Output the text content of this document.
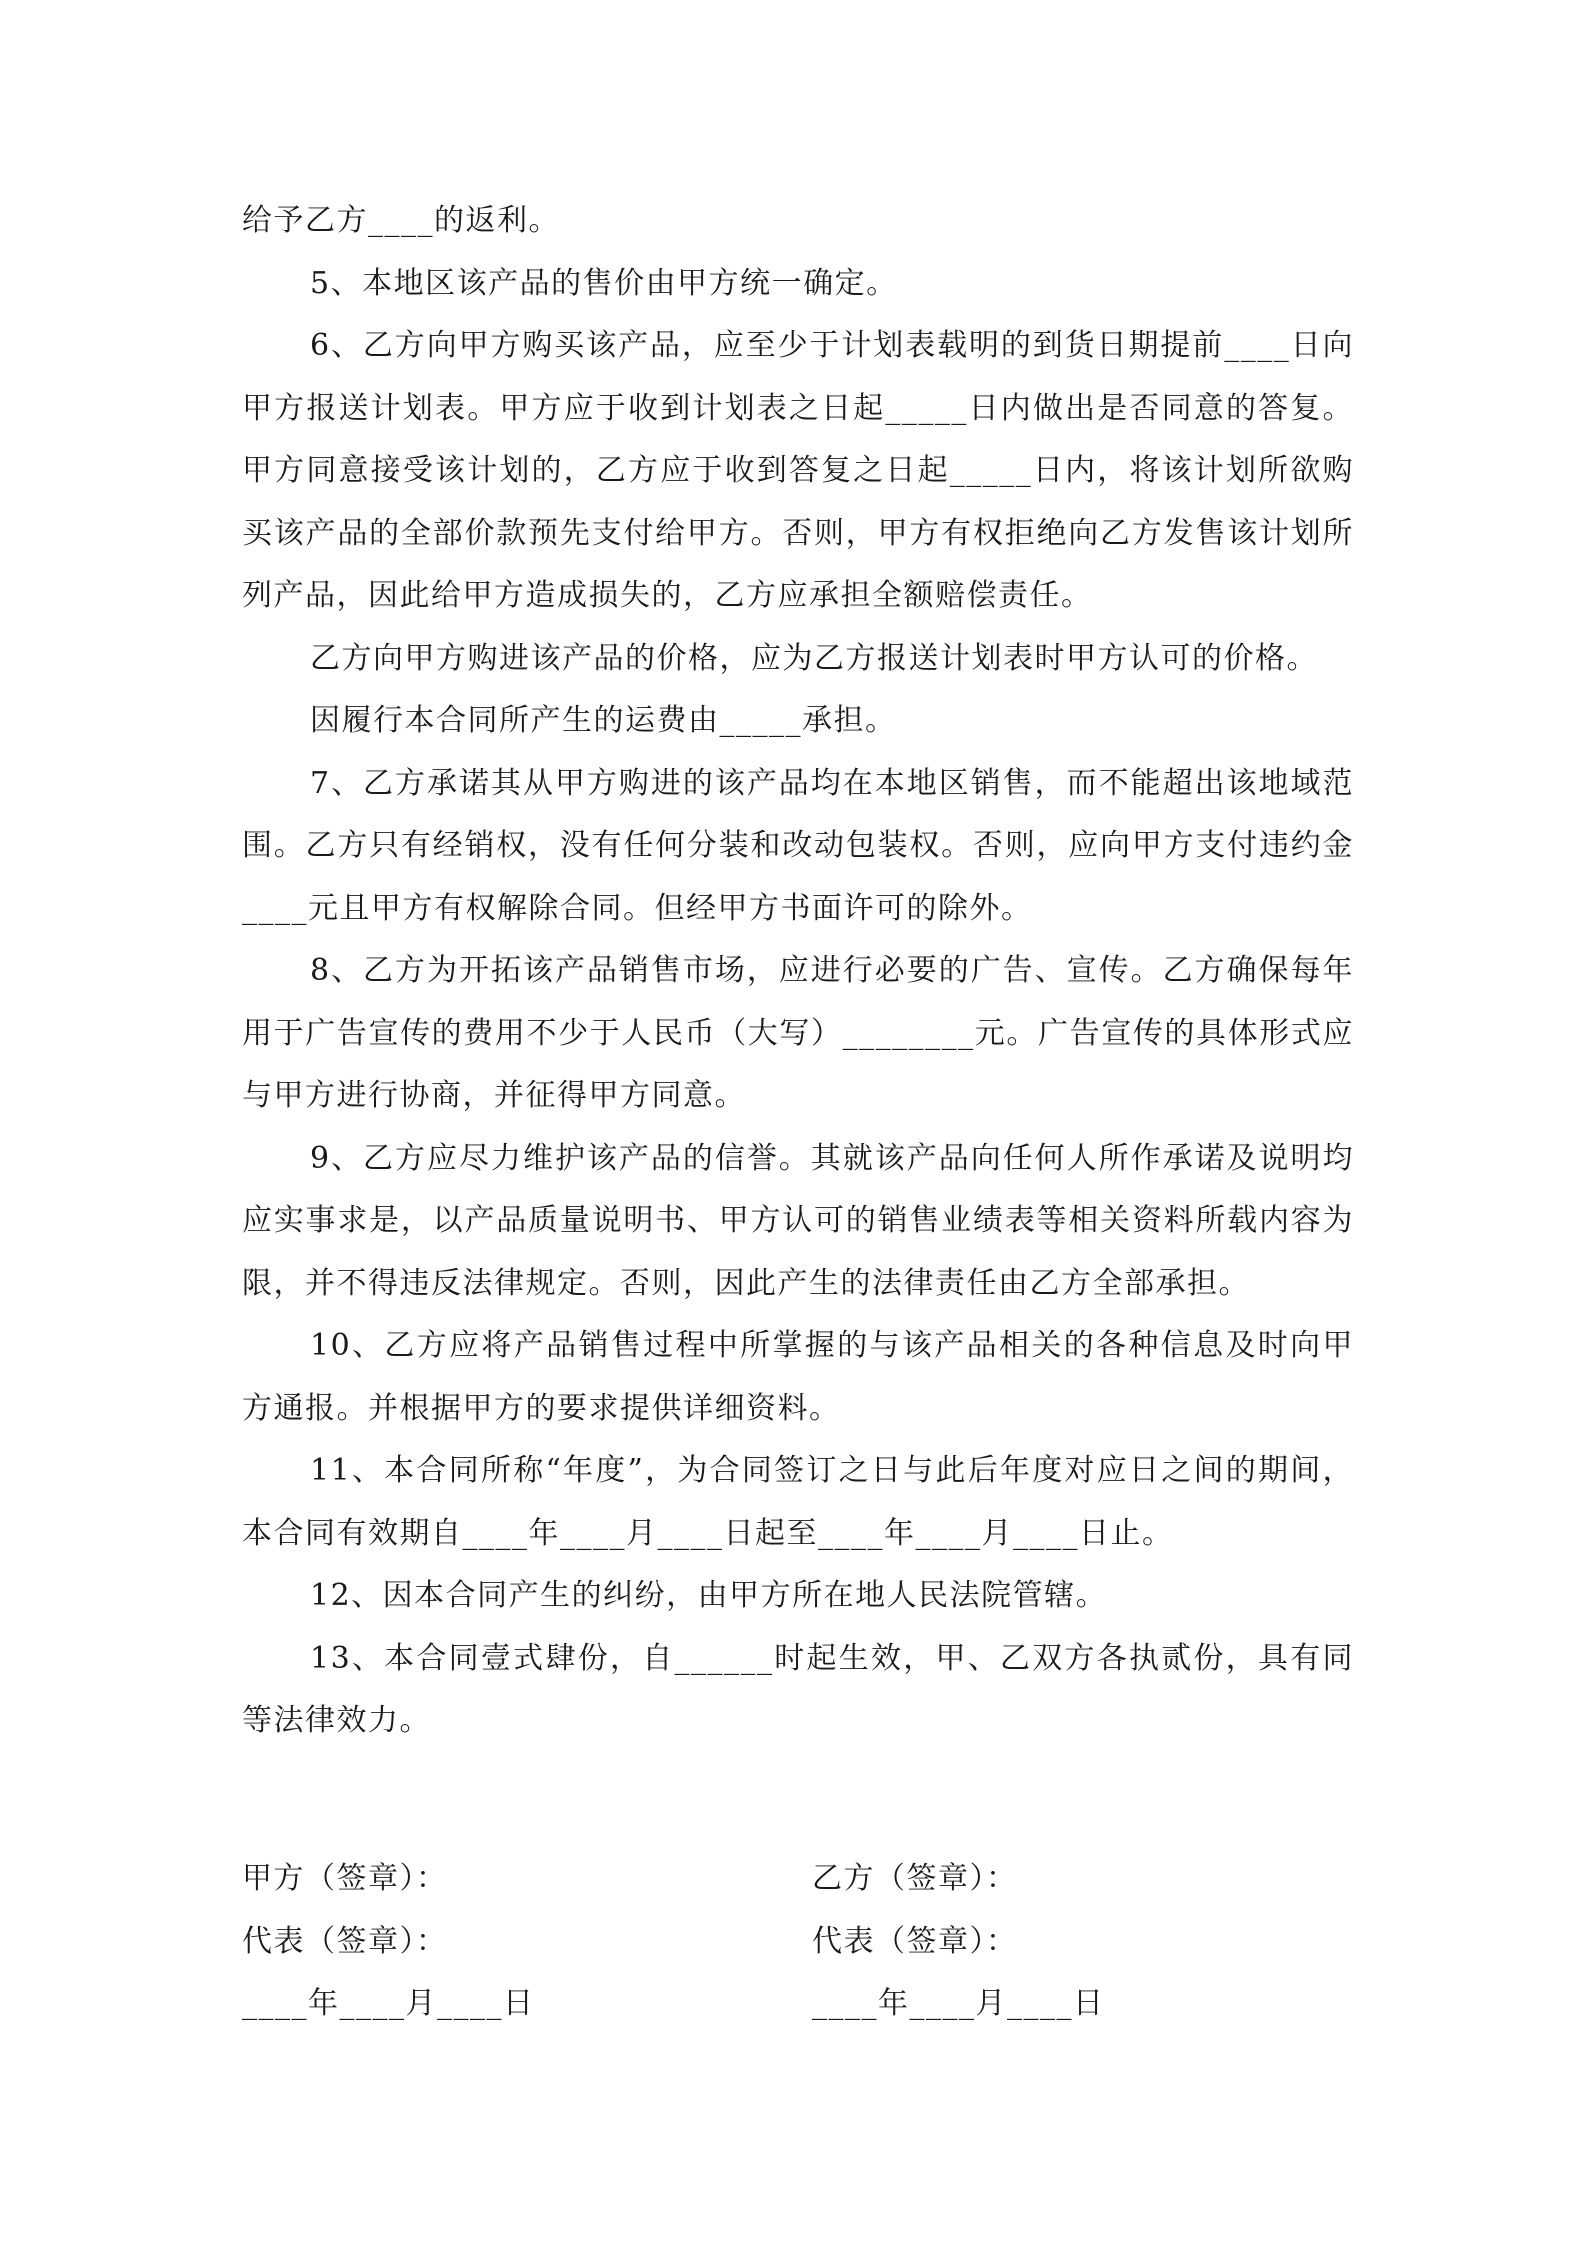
给予乙方____的返利。

5、本地区该产品的售价由甲方统一确定。

6、乙方向甲方购买该产品，应至少于计划表载明的到货日期提前____日向甲方报送计划表。甲方应于收到计划表之日起_____日内做出是否同意的答复。甲方同意接受该计划的，乙方应于收到答复之日起_____日内，将该计划所欲购买该产品的全部价款预先支付给甲方。否则，甲方有权拒绝向乙方发售该计划所列产品，因此给甲方造成损失的，乙方应承担全额赔偿责任。

乙方向甲方购进该产品的价格，应为乙方报送计划表时甲方认可的价格。

因履行本合同所产生的运费由_____承担。

7、乙方承诺其从甲方购进的该产品均在本地区销售，而不能超出该地域范围。乙方只有经销权，没有任何分装和改动包装权。否则，应向甲方支付违约金____元且甲方有权解除合同。但经甲方书面许可的除外。

8、乙方为开拓该产品销售市场，应进行必要的广告、宣传。乙方确保每年用于广告宣传的费用不少于人民币（大写）________元。广告宣传的具体形式应与甲方进行协商，并征得甲方同意。

9、乙方应尽力维护该产品的信誉。其就该产品向任何人所作承诺及说明均应实事求是，以产品质量说明书、甲方认可的销售业绩表等相关资料所载内容为限，并不得违反法律规定。否则，因此产生的法律责任由乙方全部承担。

10、乙方应将产品销售过程中所掌握的与该产品相关的各种信息及时向甲方通报。并根据甲方的要求提供详细资料。

11、本合同所称“年度”，为合同签订之日与此后年度对应日之间的期间，本合同有效期自____年____月____日起至____年____月____日止。

12、因本合同产生的纠纷，由甲方所在地人民法院管辖。

13、本合同壹式肆份，自______时起生效，甲、乙双方各执贰份，具有同等法律效力。

甲方（签章）：
代表（签章）：
____年____月____日
乙方（签章）：
代表（签章）：
____年____月____日
